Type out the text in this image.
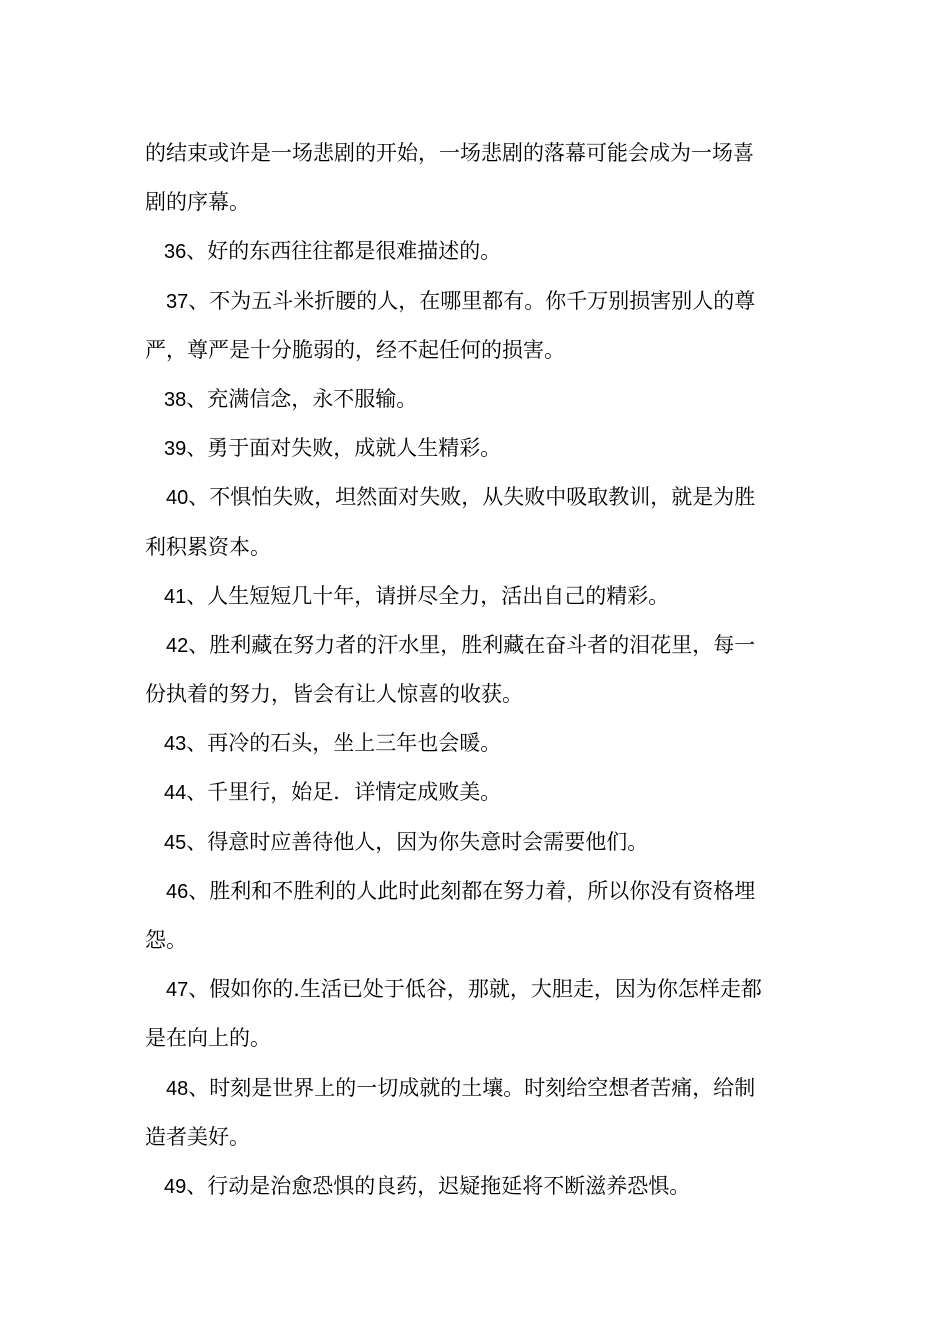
的结束或许是一场悲剧的开始，一场悲剧的落幕可能会成为一场喜
剧的序幕。
36、好的东西往往都是很难描述的。
37、不为五斗米折腰的人，在哪里都有。你千万别损害别人的尊
严，尊严是十分脆弱的，经不起任何的损害。
38、充满信念，永不服输。
39、勇于面对失败，成就人生精彩。
40、不惧怕失败，坦然面对失败，从失败中吸取教训，就是为胜
利积累资本。
41、人生短短几十年，请拼尽全力，活出自己的精彩。
42、胜利藏在努力者的汗水里，胜利藏在奋斗者的泪花里，每一
份执着的努力，皆会有让人惊喜的收获。
43、再冷的石头，坐上三年也会暖。
44、千里行，始足．详情定成败美。
45、得意时应善待他人，因为你失意时会需要他们。
46、胜利和不胜利的人此时此刻都在努力着，所以你没有资格埋
怨。
47、假如你的.生活已处于低谷，那就，大胆走，因为你怎样走都
是在向上的。
48、时刻是世界上的一切成就的土壤。时刻给空想者苦痛，给制
造者美好。
49、行动是治愈恐惧的良药，迟疑拖延将不断滋养恐惧。
